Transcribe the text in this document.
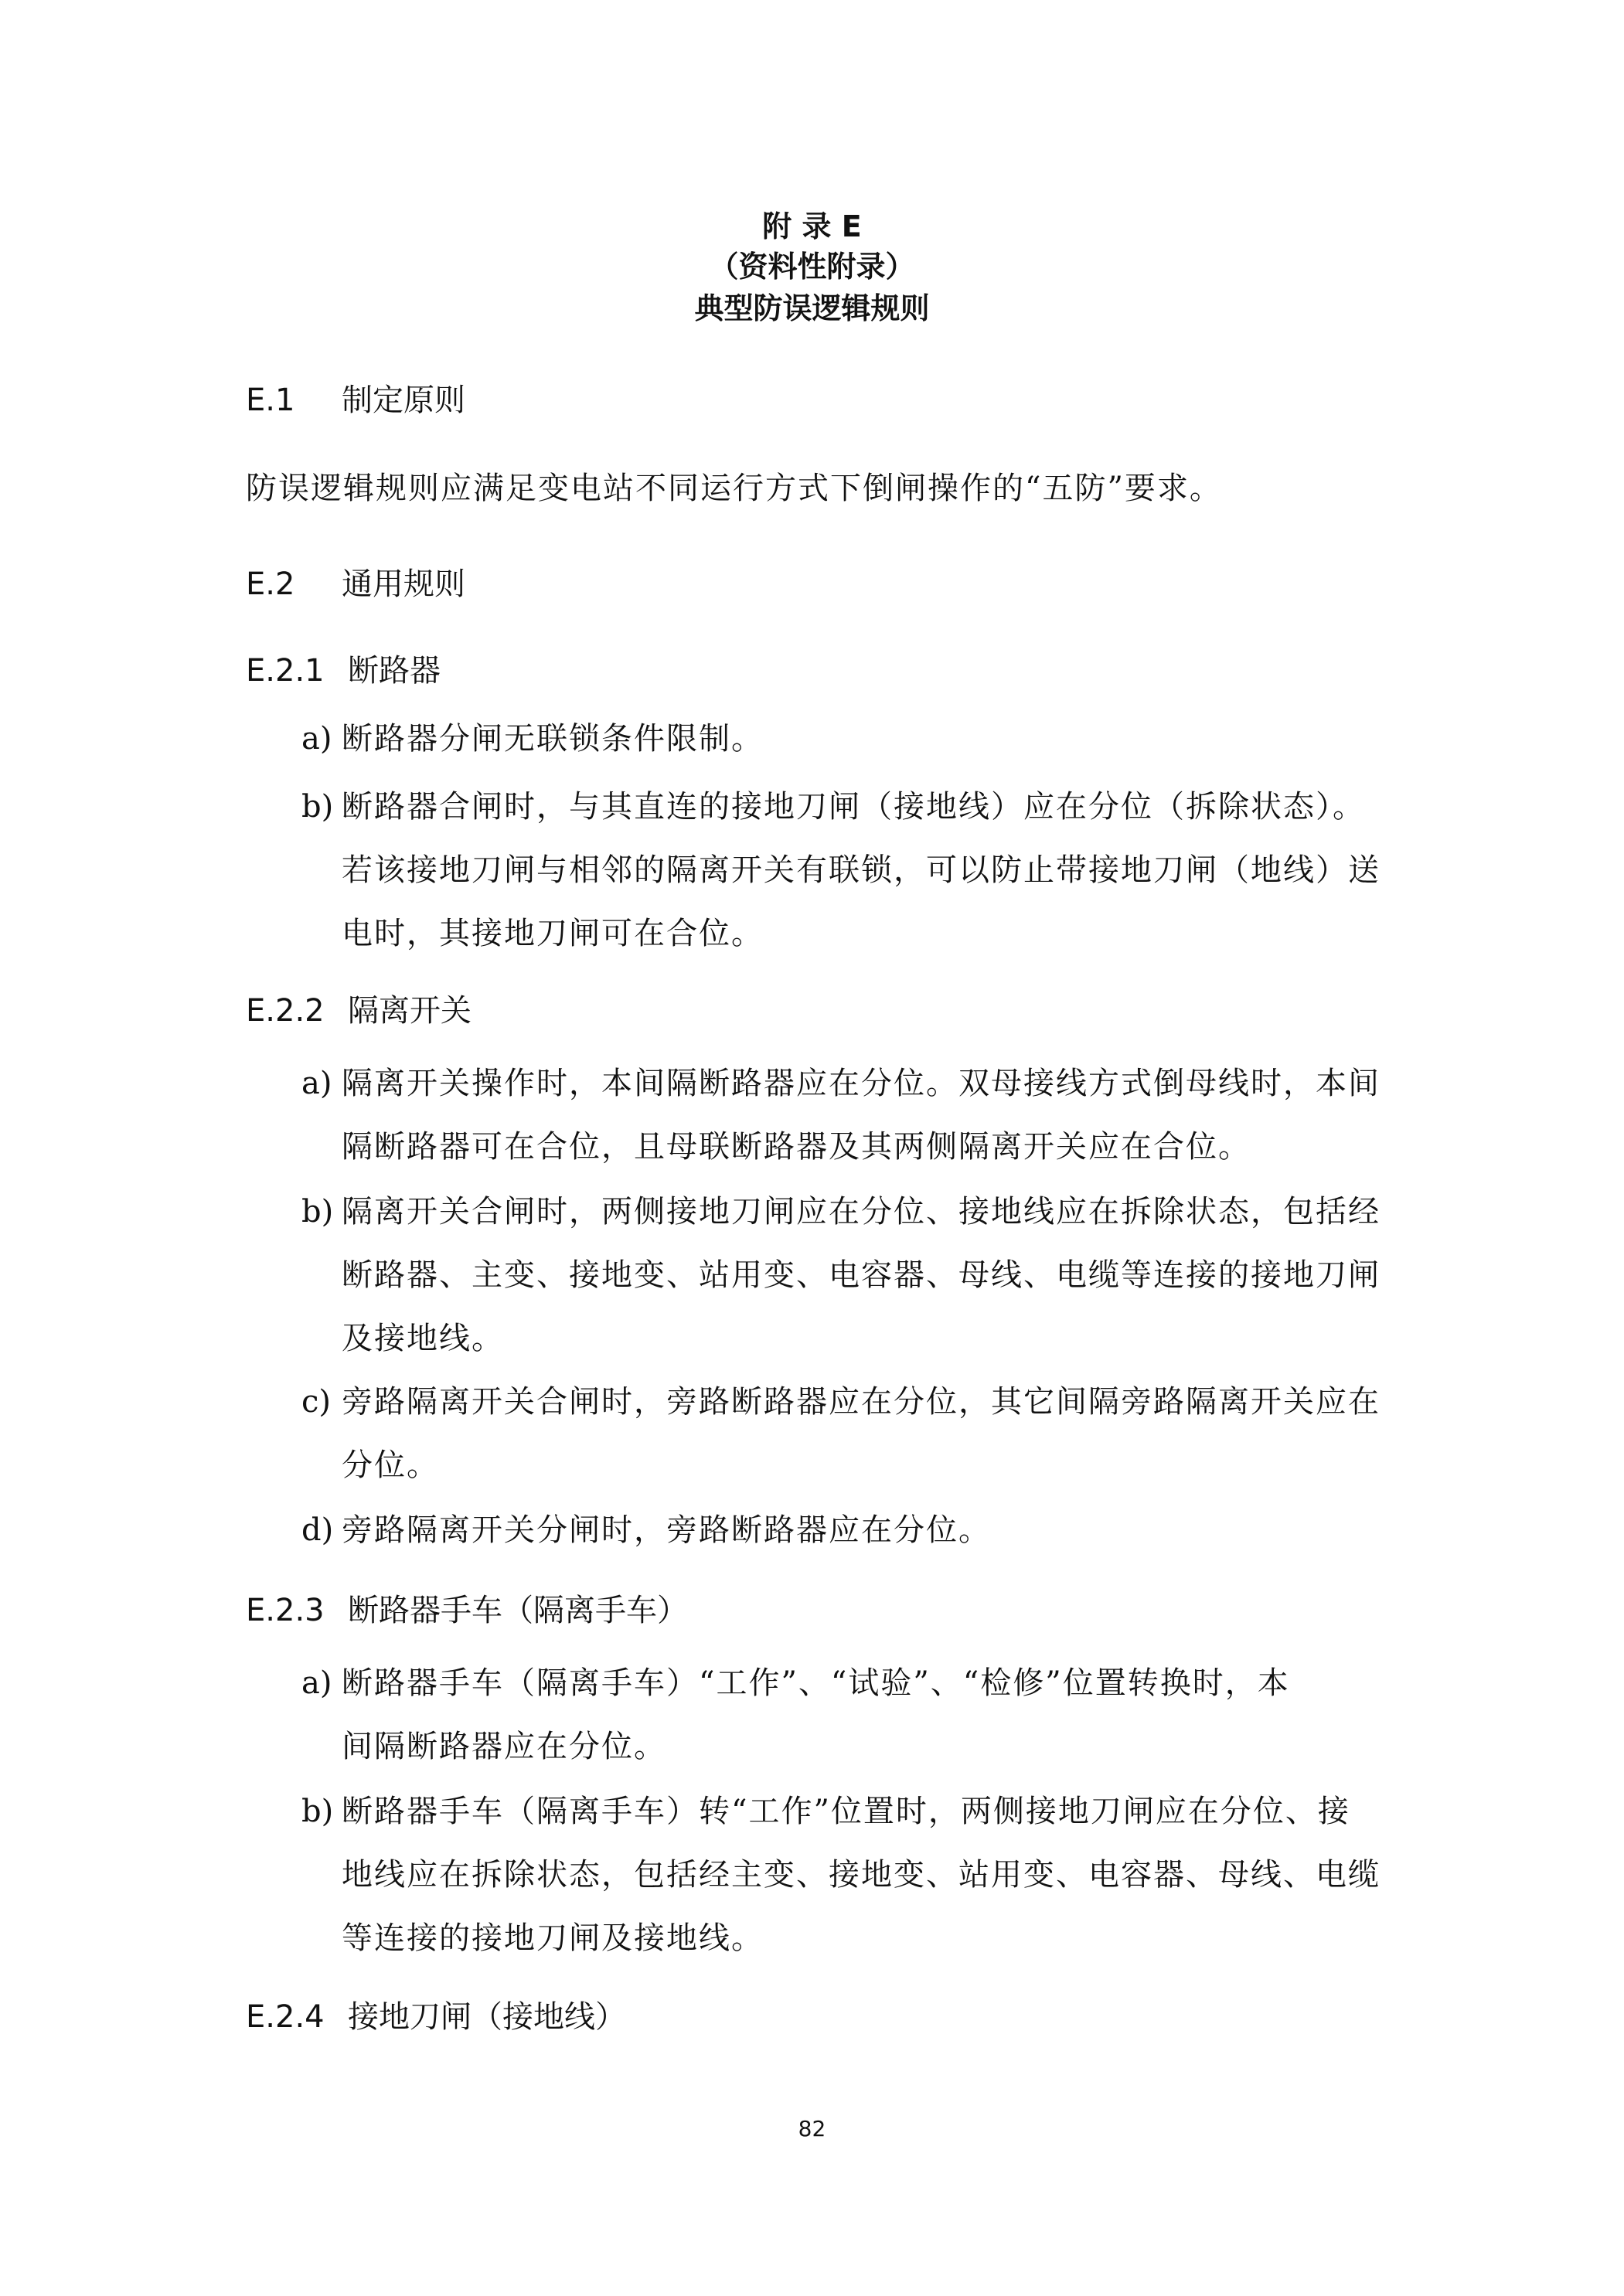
附 录 E
（资料性附录）
典型防误逻辑规则
E.1 制定原则
防误逻辑规则应满足变电站不同运行方式下倒闸操作的“五防”要求。
E.2 通用规则
E.2.1 断路器
a) 断路器分闸无联锁条件限制。
b) 断路器合闸时，与其直连的接地刀闸（接地线）应在分位（拆除状态）。
若该接地刀闸与相邻的隔离开关有联锁，可以防止带接地刀闸（地线）送
电时，其接地刀闸可在合位。
E.2.2 隔离开关
a) 隔离开关操作时，本间隔断路器应在分位。双母接线方式倒母线时，本间
隔断路器可在合位，且母联断路器及其两侧隔离开关应在合位。
b) 隔离开关合闸时，两侧接地刀闸应在分位、接地线应在拆除状态，包括经
断路器、主变、接地变、站用变、电容器、母线、电缆等连接的接地刀闸
及接地线。
c) 旁路隔离开关合闸时，旁路断路器应在分位，其它间隔旁路隔离开关应在
分位。
d) 旁路隔离开关分闸时，旁路断路器应在分位。
E.2.3 断路器手车（隔离手车）
a) 断路器手车（隔离手车）“工作”、“试验”、“检修”位置转换时，本
间隔断路器应在分位。
b) 断路器手车（隔离手车）转“工作”位置时，两侧接地刀闸应在分位、接
地线应在拆除状态，包括经主变、接地变、站用变、电容器、母线、电缆
等连接的接地刀闸及接地线。
E.2.4 接地刀闸（接地线）
82
